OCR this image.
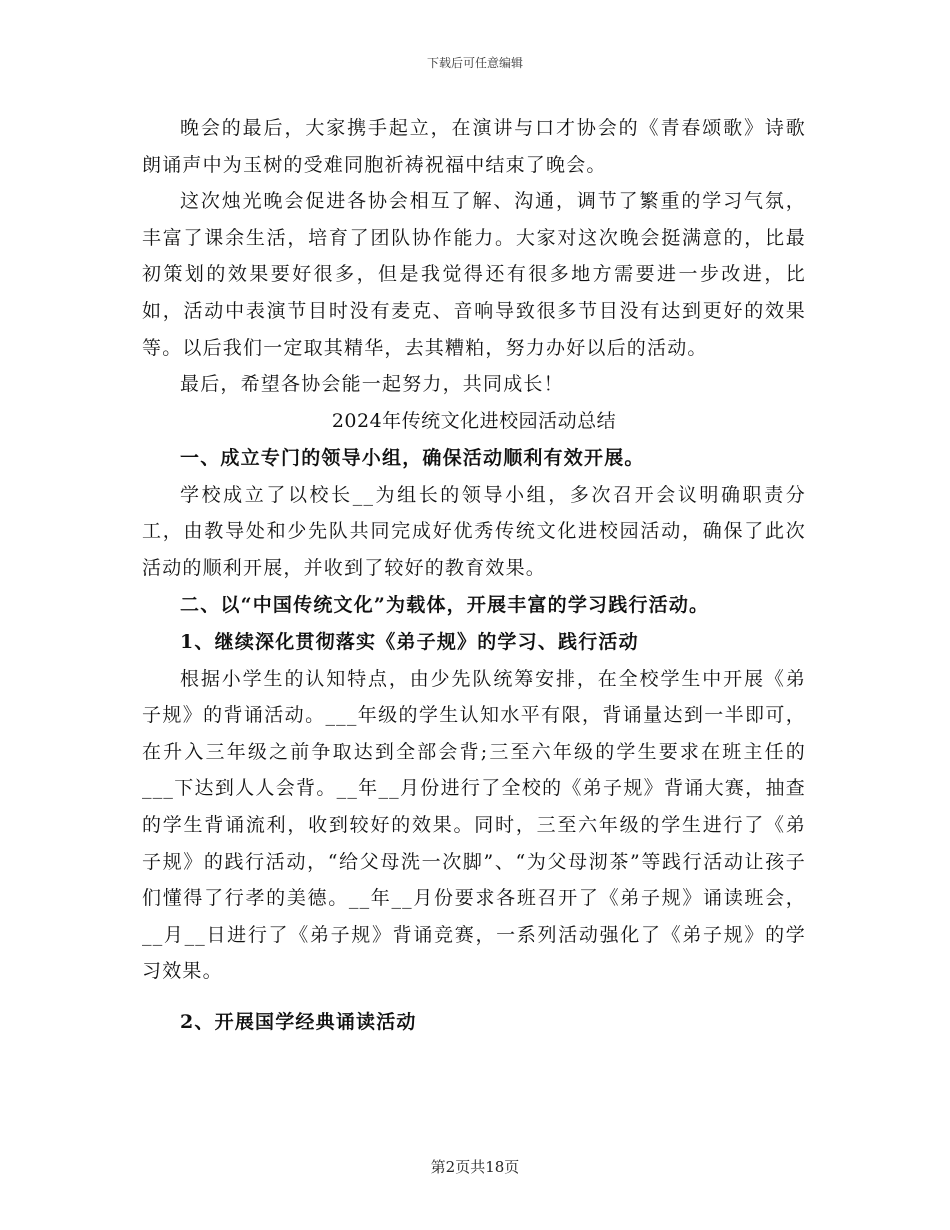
下载后可任意编辑

晚会的最后，大家携手起立，在演讲与口才协会的《青春颂歌》诗歌朗诵声中为玉树的受难同胞祈祷祝福中结束了晚会。

这次烛光晚会促进各协会相互了解、沟通，调节了繁重的学习气氛，丰富了课余生活，培育了团队协作能力。大家对这次晚会挺满意的，比最初策划的效果要好很多，但是我觉得还有很多地方需要进一步改进，比如，活动中表演节目时没有麦克、音响导致很多节目没有达到更好的效果等。以后我们一定取其精华，去其糟粕，努力办好以后的活动。

最后，希望各协会能一起努力，共同成长！

2024年传统文化进校园活动总结

一、成立专门的领导小组，确保活动顺利有效开展。

学校成立了以校长__为组长的领导小组，多次召开会议明确职责分工，由教导处和少先队共同完成好优秀传统文化进校园活动，确保了此次活动的顺利开展，并收到了较好的教育效果。

二、以“中国传统文化”为载体，开展丰富的学习践行活动。

1、继续深化贯彻落实《弟子规》的学习、践行活动

根据小学生的认知特点，由少先队统筹安排，在全校学生中开展《弟子规》的背诵活动。___年级的学生认知水平有限，背诵量达到一半即可，在升入三年级之前争取达到全部会背;三至六年级的学生要求在班主任的___下达到人人会背。__年__月份进行了全校的《弟子规》背诵大赛，抽查的学生背诵流利，收到较好的效果。同时，三至六年级的学生进行了《弟子规》的践行活动，“给父母洗一次脚”、“为父母沏茶”等践行活动让孩子们懂得了行孝的美德。__年__月份要求各班召开了《弟子规》诵读班会，__月__日进行了《弟子规》背诵竞赛，一系列活动强化了《弟子规》的学习效果。

2、开展国学经典诵读活动

第2页共18页
